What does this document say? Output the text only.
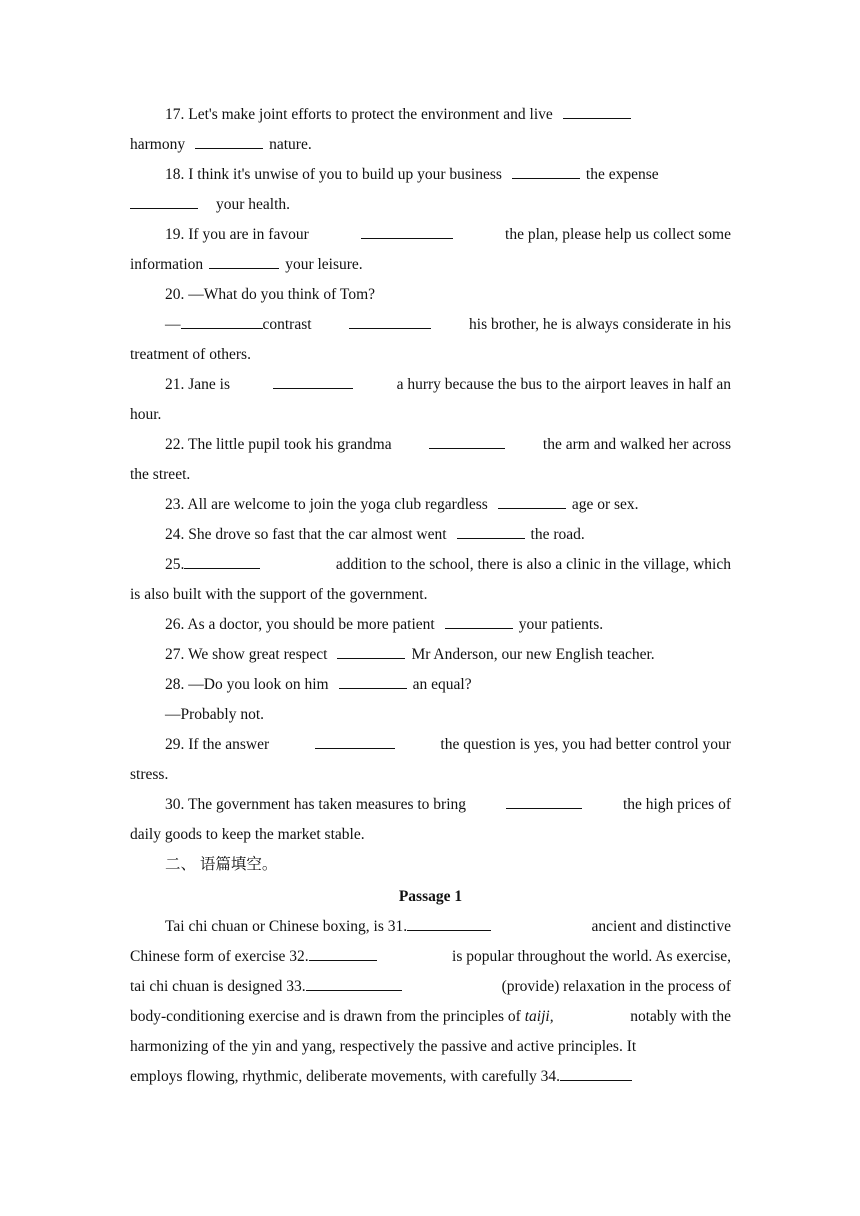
17. Let's make joint efforts to protect the environment and live
harmony	nature.
18. I think it's unwise of you to build up your business	the expense
your health.
19. If you are in favour	the plan, please help us collect some
information	your leisure.
20. —What do you think of Tom?
—	contrast	his brother, he is always considerate in his
treatment of others.
21. Jane is	a hurry because the bus to the airport leaves in half an
hour.
22. The little pupil took his grandma	the arm and walked her across
the street.
23. All are welcome to join the yoga club regardless	age or sex.
24. She drove so fast that the car almost went	the road.
25.	addition to the school, there is also a clinic in the village, which
is also built with the support of the government.
26. As a doctor, you should be more patient	your patients.
27. We show great respect	Mr Anderson, our new English teacher.
28. —Do you look on him	an equal?
—Probably not.
29. If the answer	the question is yes, you had better control your
stress.
30. The government has taken measures to bring	the high prices of
daily goods to keep the market stable.
二、 语篇填空。
Passage 1
Tai chi chuan or Chinese boxing, is 31.	ancient and distinctive
Chinese form of exercise 32.	is popular throughout the world. As exercise,
tai chi chuan is designed 33.	(provide) relaxation in the process of
body-conditioning exercise and is drawn from the principles of taiji,	notably with the
harmonizing of the yin and yang, respectively the passive and active principles. It
employs flowing, rhythmic, deliberate movements, with carefully 34.
